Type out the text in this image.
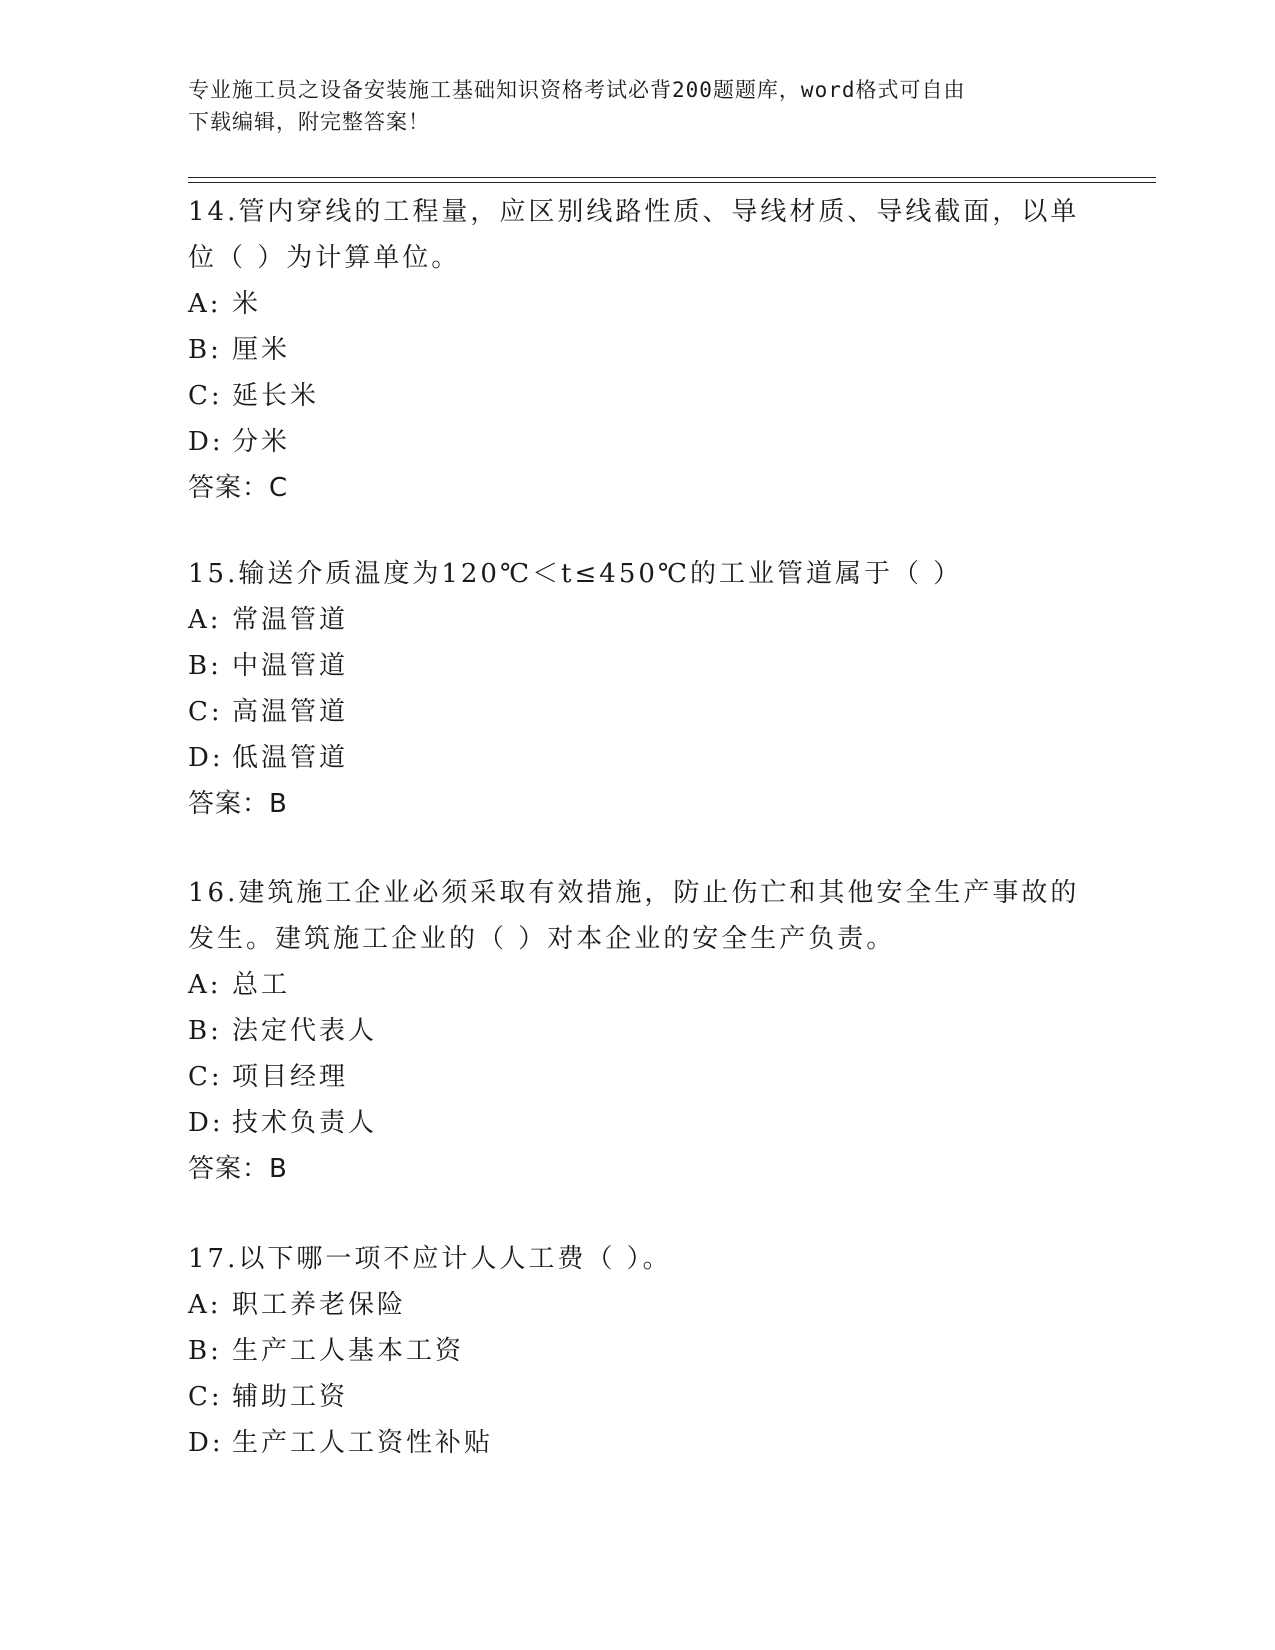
专业施工员之设备安装施工基础知识资格考试必背200题题库，word格式可自由
下载编辑，附完整答案！
14.管内穿线的工程量，应区别线路性质、导线材质、导线截面，以单
位（ ）为计算单位。
A: 米
B: 厘米
C: 延长米
D: 分米
答案：C
15.输送介质温度为120℃＜t≤450℃的工业管道属于（ ）
A: 常温管道
B: 中温管道
C: 高温管道
D: 低温管道
答案：B
16.建筑施工企业必须采取有效措施，防止伤亡和其他安全生产事故的
发生。建筑施工企业的（ ）对本企业的安全生产负责。
A: 总工
B: 法定代表人
C: 项目经理
D: 技术负责人
答案：B
17.以下哪一项不应计人人工费（ ）。
A: 职工养老保险
B: 生产工人基本工资
C: 辅助工资
D: 生产工人工资性补贴
